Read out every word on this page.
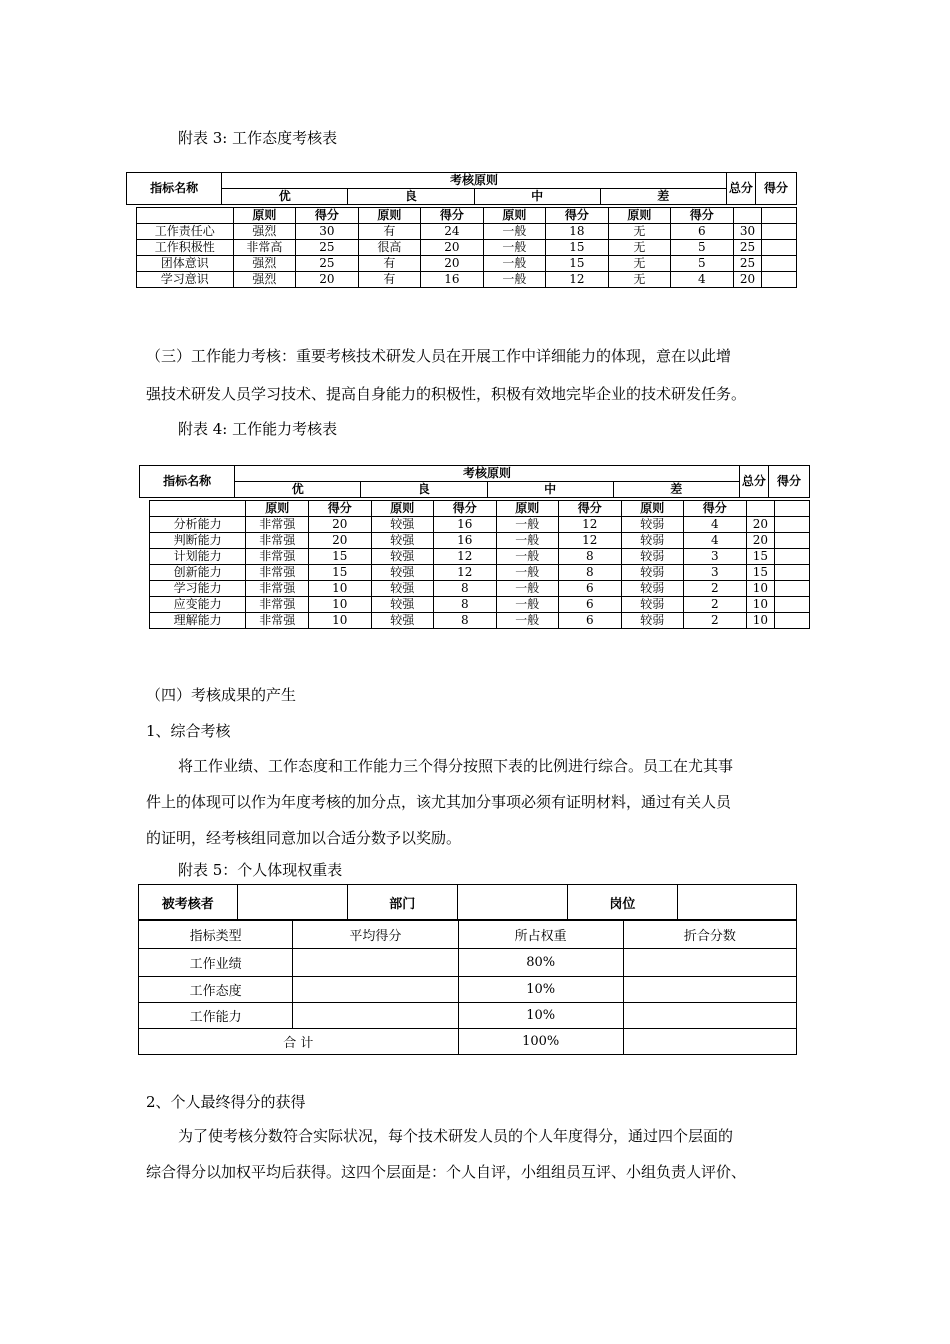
附表 3: 工作态度考核表
指标名称	考核原则				总分	得分
	优	良	中	差		
	原则	得分	原则	得分	原则	得分	原则	得分		
工作责任心	强烈	30	有	24	一般	18	无	6	30	
工作积极性	非常高	25	很高	20	一般	15	无	5	25	
团体意识	强烈	25	有	20	一般	15	无	5	25	
学习意识	强烈	20	有	16	一般	12	无	4	20	
（三）工作能力考核：重要考核技术研发人员在开展工作中详细能力的体现，意在以此增
强技术研发人员学习技术、提高自身能力的积极性，积极有效地完毕企业的技术研发任务。
附表 4: 工作能力考核表
指标名称	考核原则				总分	得分
	优	良	中	差		
	原则	得分	原则	得分	原则	得分	原则	得分		
分析能力	非常强	20	较强	16	一般	12	较弱	4	20	
判断能力	非常强	20	较强	16	一般	12	较弱	4	20	
计划能力	非常强	15	较强	12	一般	8	较弱	3	15	
创新能力	非常强	15	较强	12	一般	8	较弱	3	15	
学习能力	非常强	10	较强	8	一般	6	较弱	2	10	
应变能力	非常强	10	较强	8	一般	6	较弱	2	10	
理解能力	非常强	10	较强	8	一般	6	较弱	2	10	
（四）考核成果的产生
1、综合考核
将工作业绩、工作态度和工作能力三个得分按照下表的比例进行综合。员工在尤其事
件上的体现可以作为年度考核的加分点，该尤其加分事项必须有证明材料，通过有关人员
的证明，经考核组同意加以合适分数予以奖励。
附表 5：个人体现权重表
被考核者		部门		岗位	
指标类型	平均得分	所占权重	折合分数
工作业绩		80%	
工作态度		10%	
工作能力		10%	
合 计		100%	
2、个人最终得分的获得
为了使考核分数符合实际状况，每个技术研发人员的个人年度得分，通过四个层面的
综合得分以加权平均后获得。这四个层面是：个人自评，小组组员互评、小组负责人评价、
